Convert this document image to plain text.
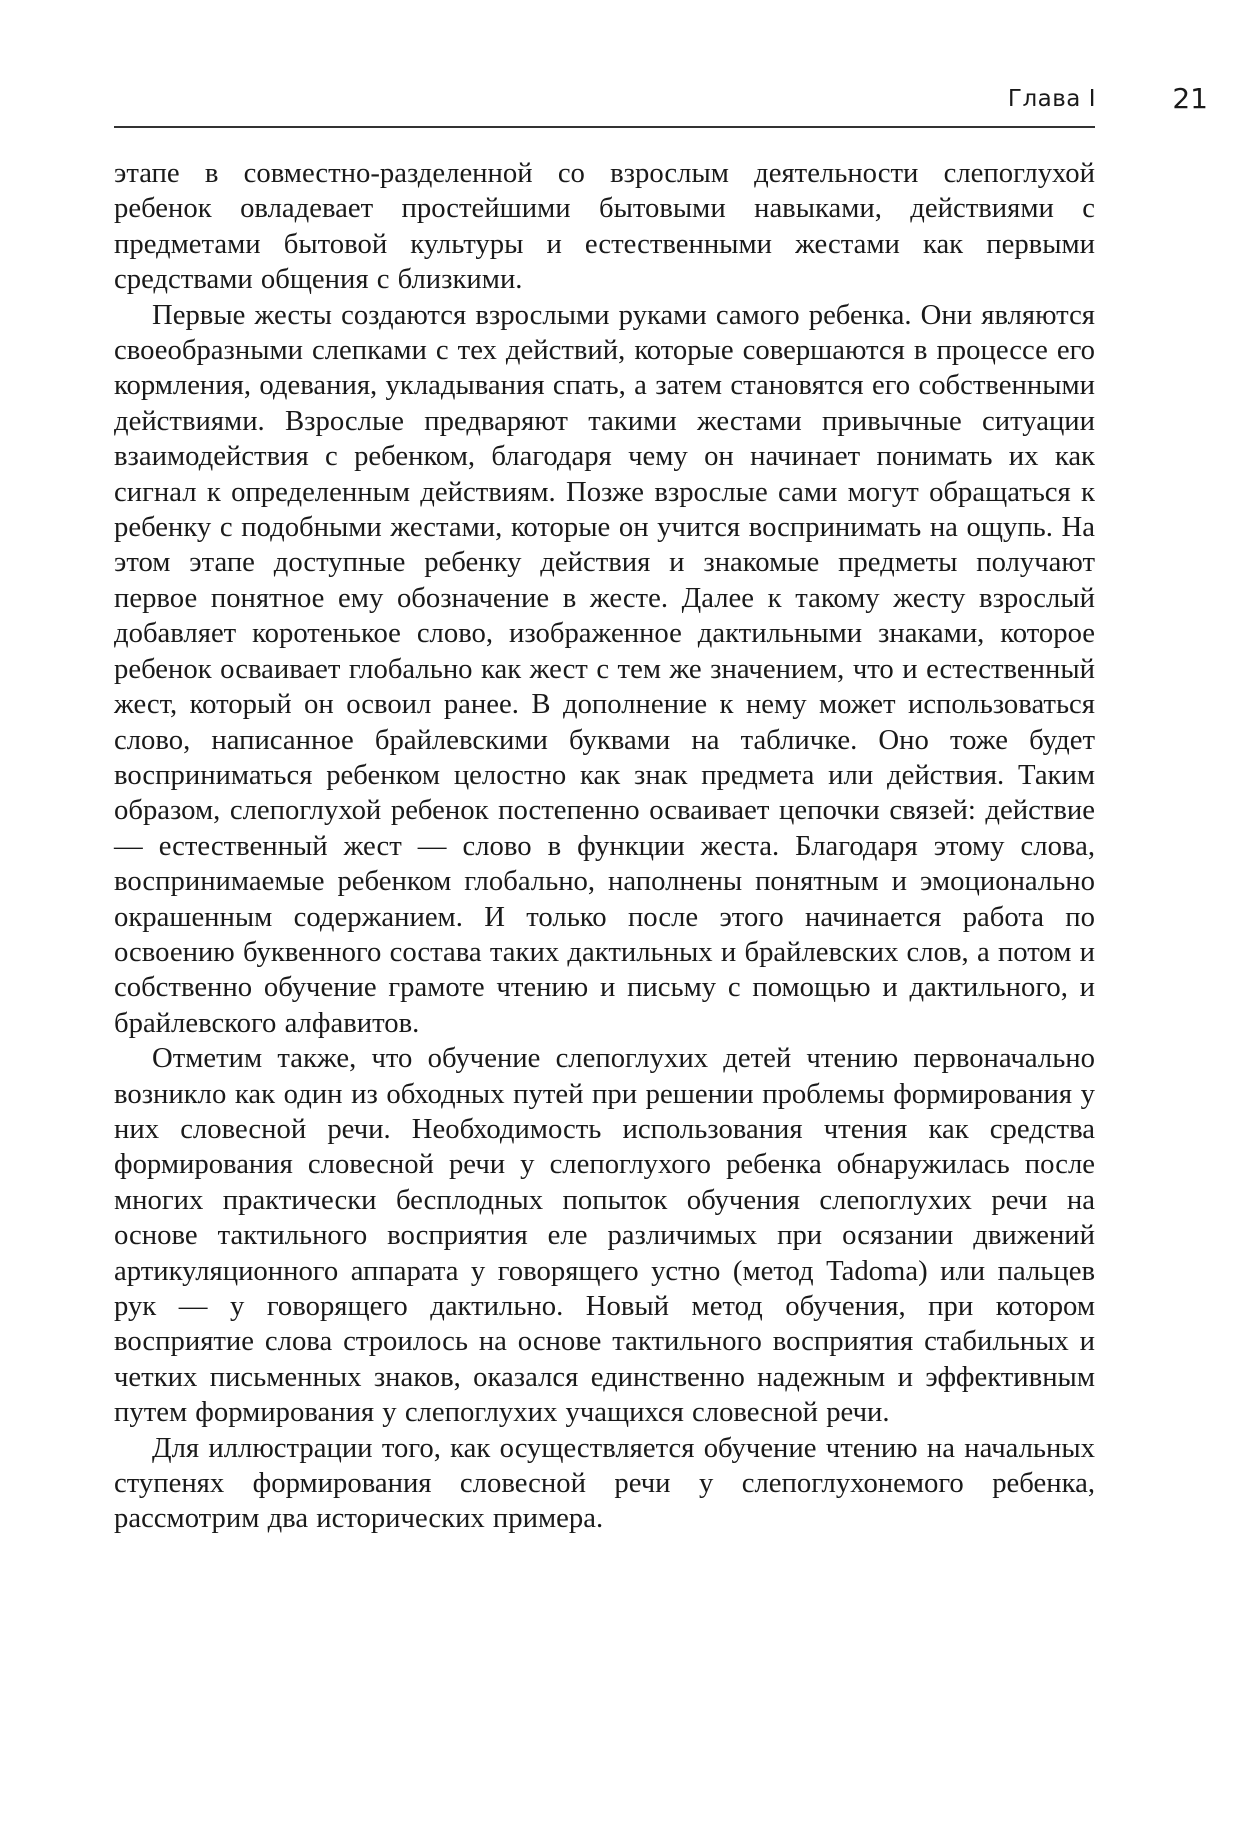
Глава I	21

этапе в совместно-разделенной со взрослым деятельности слепоглухой ребенок овладевает простейшими бытовыми навыками, действиями с предметами бытовой культуры и естественными жестами как первыми средствами общения с близкими.

Первые жесты создаются взрослыми руками самого ребенка. Они являются своеобразными слепками с тех действий, которые совершаются в процессе его кормления, одевания, укладывания спать, а затем становятся его собственными действиями. Взрослые предваряют такими жестами привычные ситуации взаимодействия с ребенком, благодаря чему он начинает понимать их как сигнал к определенным действиям. Позже взрослые сами могут обращаться к ребенку с подобными жестами, которые он учится воспринимать на ощупь. На этом этапе доступные ребенку действия и знакомые предметы получают первое понятное ему обозначение в жесте. Далее к такому жесту взрослый добавляет коротенькое слово, изображенное дактильными знаками, которое ребенок осваивает глобально как жест с тем же значением, что и естественный жест, который он освоил ранее. В дополнение к нему может использоваться слово, написанное брайлевскими буквами на табличке. Оно тоже будет восприниматься ребенком целостно как знак предмета или действия. Таким образом, слепоглухой ребенок постепенно осваивает цепочки связей: действие — естественный жест — слово в функции жеста. Благодаря этому слова, воспринимаемые ребенком глобально, наполнены понятным и эмоционально окрашенным содержанием. И только после этого начинается работа по освоению буквенного состава таких дактильных и брайлевских слов, а потом и собственно обучение грамоте чтению и письму с помощью и дактильного, и брайлевского алфавитов.

Отметим также, что обучение слепоглухих детей чтению первоначально возникло как один из обходных путей при решении проблемы формирования у них словесной речи. Необходимость использования чтения как средства формирования словесной речи у слепоглухого ребенка обнаружилась после многих практически бесплодных попыток обучения слепоглухих речи на основе тактильного восприятия еле различимых при осязании движений артикуляционного аппарата у говорящего устно (метод Tadoma) или пальцев рук — у говорящего дактильно. Новый метод обучения, при котором восприятие слова строилось на основе тактильного восприятия стабильных и четких письменных знаков, оказался единственно надежным и эффективным путем формирования у слепоглухих учащихся словесной речи.

Для иллюстрации того, как осуществляется обучение чтению на начальных ступенях формирования словесной речи у слепоглухонемого ребенка, рассмотрим два исторических примера.
